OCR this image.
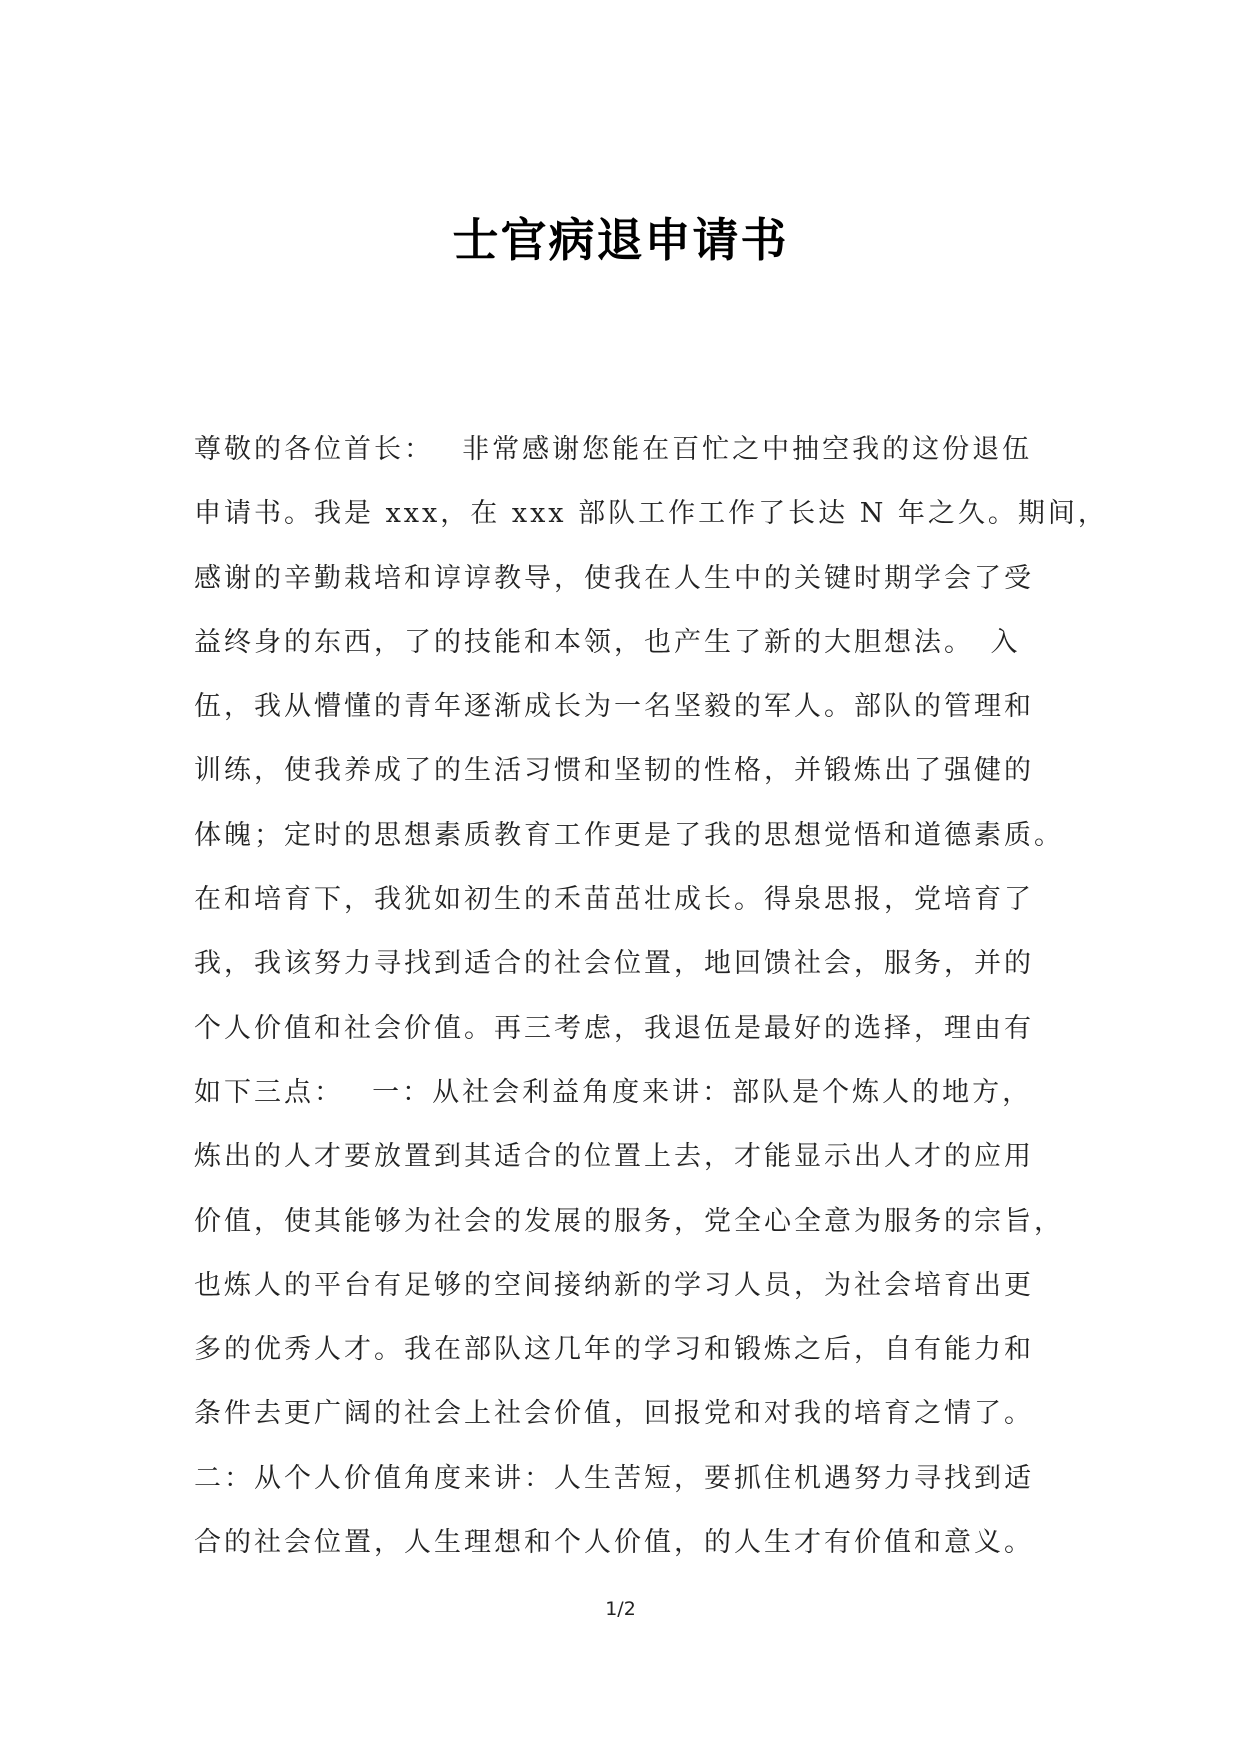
士官病退申请书
尊敬的各位首长：　 非常感谢您能在百忙之中抽空我的这份退伍
申请书。我是 xxx，在 xxx 部队工作工作了长达 N 年之久。期间，
感谢的辛勤栽培和谆谆教导，使我在人生中的关键时期学会了受
益终身的东西，了的技能和本领，也产生了新的大胆想法。　入
伍，我从懵懂的青年逐渐成长为一名坚毅的军人。部队的管理和
训练，使我养成了的生活习惯和坚韧的性格，并锻炼出了强健的
体魄；定时的思想素质教育工作更是了我的思想觉悟和道德素质。
在和培育下，我犹如初生的禾苗茁壮成长。得泉思报，党培育了
我，我该努力寻找到适合的社会位置，地回馈社会，服务，并的
个人价值和社会价值。再三考虑，我退伍是最好的选择，理由有
如下三点：　 一：从社会利益角度来讲：部队是个炼人的地方，
炼出的人才要放置到其适合的位置上去，才能显示出人才的应用
价值，使其能够为社会的发展的服务，党全心全意为服务的宗旨，
也炼人的平台有足够的空间接纳新的学习人员，为社会培育出更
多的优秀人才。我在部队这几年的学习和锻炼之后，自有能力和
条件去更广阔的社会上社会价值，回报党和对我的培育之情了。
二：从个人价值角度来讲：人生苦短，要抓住机遇努力寻找到适
合的社会位置，人生理想和个人价值，的人生才有价值和意义。
1/2
